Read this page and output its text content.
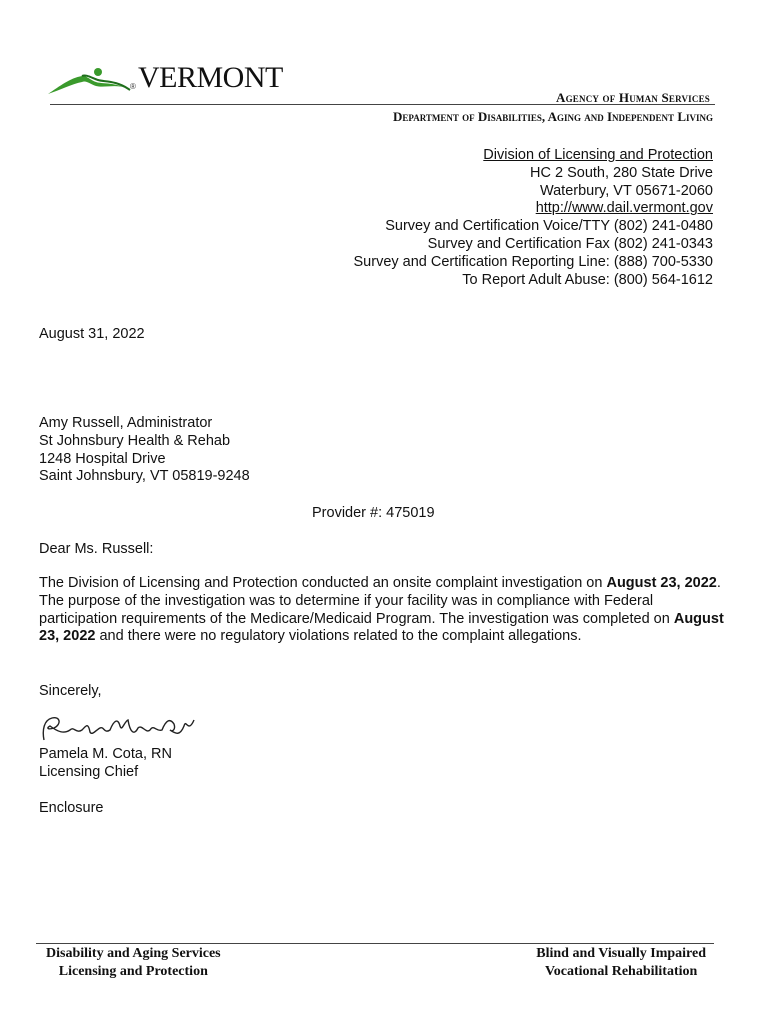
® VERMONT
Agency of Human Services
Department of Disabilities, Aging and Independent Living
Division of Licensing and Protection
HC 2 South, 280 State Drive
Waterbury, VT 05671-2060
http://www.dail.vermont.gov
Survey and Certification Voice/TTY (802) 241-0480
Survey and Certification Fax (802) 241-0343
Survey and Certification Reporting Line: (888) 700-5330
To Report Adult Abuse: (800) 564-1612
August 31, 2022
Amy Russell, Administrator
St Johnsbury Health & Rehab
1248 Hospital Drive
Saint Johnsbury, VT 05819-9248
Provider #: 475019
Dear Ms. Russell:
The Division of Licensing and Protection conducted an onsite complaint investigation on August 23, 2022. The purpose of the investigation was to determine if your facility was in compliance with Federal participation requirements of the Medicare/Medicaid Program. The investigation was completed on August 23, 2022 and there were no regulatory violations related to the complaint allegations.
Sincerely,
Pamela M. Cota, RN
Licensing Chief
Enclosure
Disability and Aging Services
Licensing and Protection
Blind and Visually Impaired
Vocational Rehabilitation
